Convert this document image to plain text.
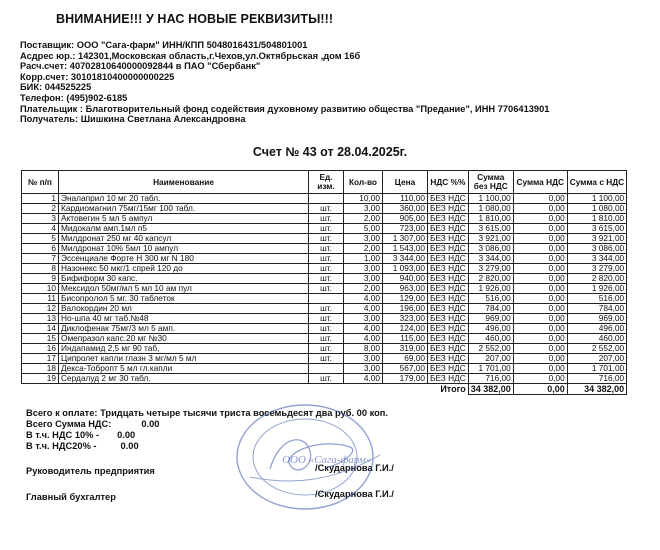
ВНИМАНИЕ!!! У НАС НОВЫЕ РЕКВИЗИТЫ!!!
Поставщик: ООО "Сага-фарм" ИНН/КПП 5048016431/504801001
Асдрес юр.: 142301,Московская область,г.Чехов,ул.Октябрьская ,дом 16б
Расч.счет: 40702810640000092844 в ПАО "Сбербанк"
Корр.счет: 30101810400000000225
БИК: 044525225
Телефон: (495)902-6185
Плательщик : Благотворительный фонд содействия духовному развитию общества "Предание", ИНН 7706413901
Получатель: Шишкина Светлана Александровна
Счет № 43 от 28.04.2025г.
№ п/п	Наименование	Ед. изм.	Кол-во	Цена	НДС %%	Сумма без НДС	Сумма НДС	Сумма с НДС
1	Эналаприл 10 мг 20 табл.		10,00	110,00	БЕЗ НДС	1 100,00	0,00	1 100,00
2	Кардиомагнил 75мг/15мг 100 табл.	шт.	3,00	360,00	БЕЗ НДС	1 080,00	0,00	1 080,00
3	Актовегин 5 мл 5 ампул	шт.	2,00	905,00	БЕЗ НДС	1 810,00	0,00	1 810,00
4	Мидокалм амп.1мл п5	шт.	5,00	723,00	БЕЗ НДС	3 615,00	0,00	3 615,00
5	Милдронат 250 мг 40 капсул	шт.	3,00	1 307,00	БЕЗ НДС	3 921,00	0,00	3 921,00
6	Милдронат 10% 5мл 10 ампул	шт.	2,00	1 543,00	БЕЗ НДС	3 086,00	0,00	3 086,00
7	Эссенциале Форте Н 300 мг N 180	шт.	1,00	3 344,00	БЕЗ НДС	3 344,00	0,00	3 344,00
8	Назонекс 50 мкг/1 спрей 120 до	шт.	3,00	1 093,00	БЕЗ НДС	3 279,00	0,00	3 279,00
9	Бифиформ 30 капс.	шт.	3,00	940,00	БЕЗ НДС	2 820,00	0,00	2 820,00
10	Мексидол 50мг/мл 5 мл 10 ам пул	шт.	2,00	963,00	БЕЗ НДС	1 926,00	0,00	1 926,00
11	Бисопролол 5 мг. 30 таблеток		4,00	129,00	БЕЗ НДС	516,00	0,00	516,00
12	Валокордин 20 мл	шт.	4,00	196,00	БЕЗ НДС	784,00	0,00	784,00
13	Но-шпа 40 мг таб.№48	шт.	3,00	323,00	БЕЗ НДС	969,00	0,00	969,00
14	Диклофенак 75мг/3 мл 5 амп.	шт.	4,00	124,00	БЕЗ НДС	496,00	0,00	496,00
15	Омепразол капс.20 мг №30	шт.	4,00	115,00	БЕЗ НДС	460,00	0,00	460,00
16	Индапамид 2,5 мг 90 таб,	шт.	8,00	319,00	БЕЗ НДС	2 552,00	0,00	2 552,00
17	Ципролет капли глазн 3 мг/мл 5 мл	шт.	3,00	69,00	БЕЗ НДС	207,00	0,00	207,00
18	Декса-Тобропт 5 мл гл.капли		3,00	567,00	БЕЗ НДС	1 701,00	0,00	1 701,00
19	Сердалуд 2 мг 30 табл.	шт.	4,00	179,00	БЕЗ НДС	716,00	0,00	716,00
Итого						34 382,00	0,00	34 382,00
Всего к оплате: Тридцать четыре тысячи триста восемьдесят два руб. 00 коп.
Всего Сумма НДС:	0.00
В т.ч. НДС 10% - 0.00
В т.ч. НДС20% -	0.00
Руководитель предприятия	/Скударнова Г.И./
Главный бухгалтер	/Скударнова Г.И./
ООО «Сага-фарм»
